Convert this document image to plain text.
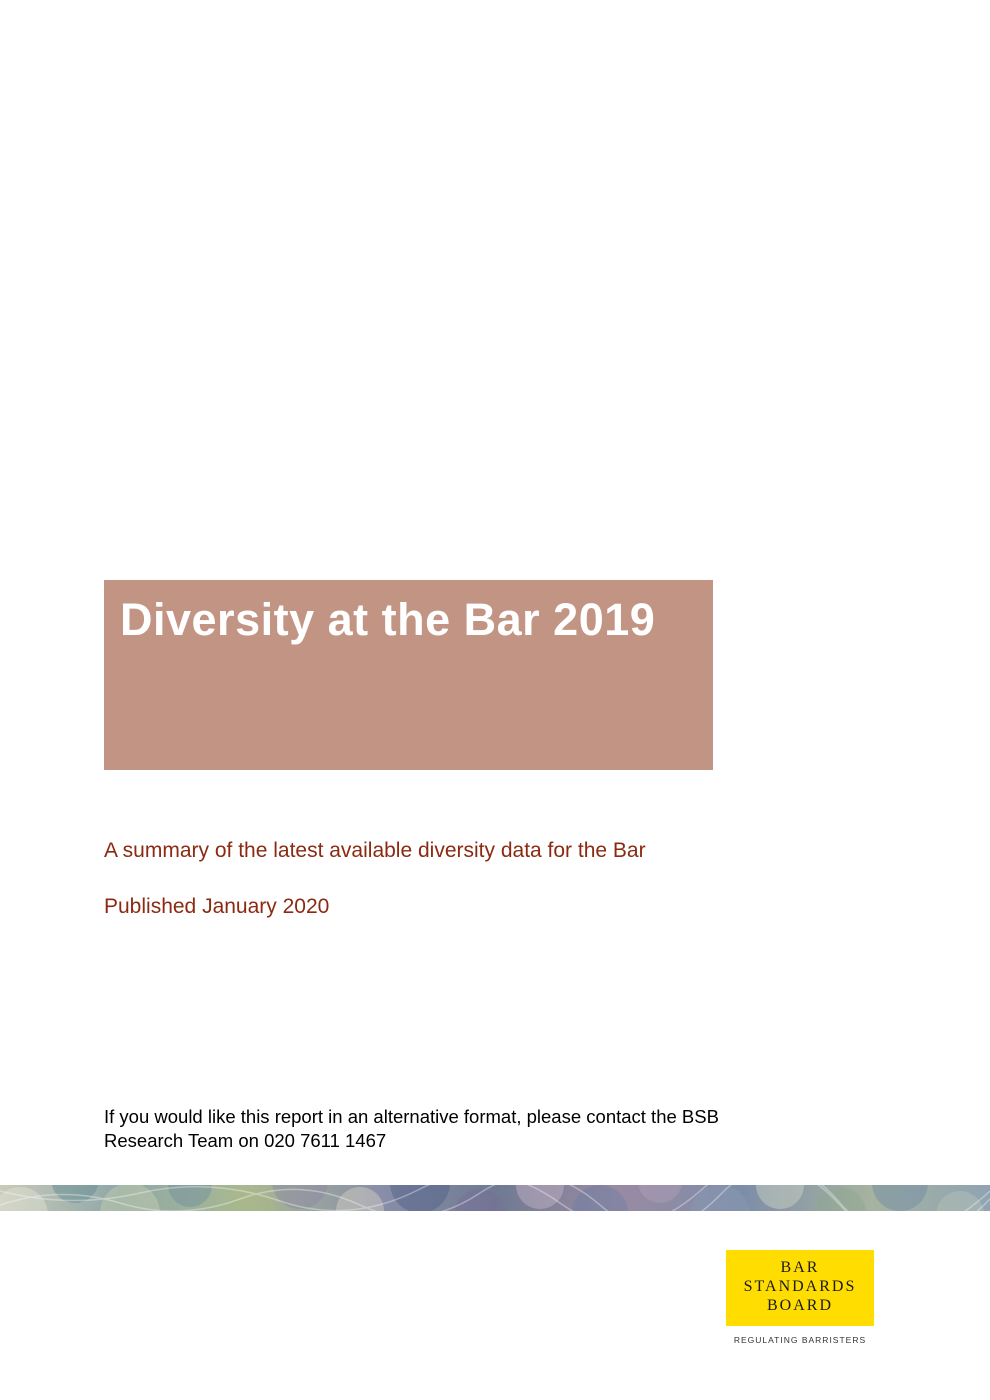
Diversity at the Bar 2019

A summary of the latest available diversity data for the Bar

Published January 2020

If you would like this report in an alternative format, please contact the BSB
Research Team on 020 7611 1467
BAR
STANDARDS
BOARD
REGULATING BARRISTERS
